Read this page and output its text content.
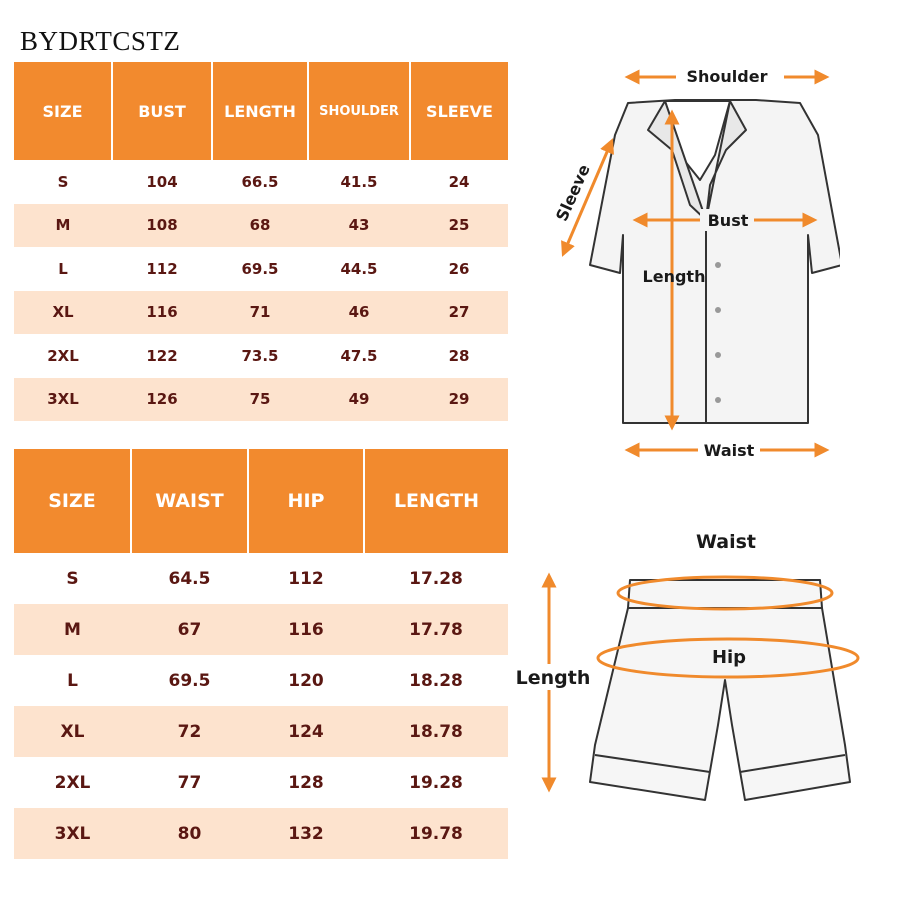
BYDRTCSTZ
SIZE	BUST	LENGTH	SHOULDER	SLEEVE
S	104	66.5	41.5	24
M	108	68	43	25
L	112	69.5	44.5	26
XL	116	71	46	27
2XL	122	73.5	47.5	28
3XL	126	75	49	29
SIZE	WAIST	HIP	LENGTH
S	64.5	112	17.28
M	67	116	17.78
L	69.5	120	18.28
XL	72	124	18.78
2XL	77	128	19.28
3XL	80	132	19.78
Shoulder
Sleeve	Bust
Length
Waist
Waist
Hip
Length
